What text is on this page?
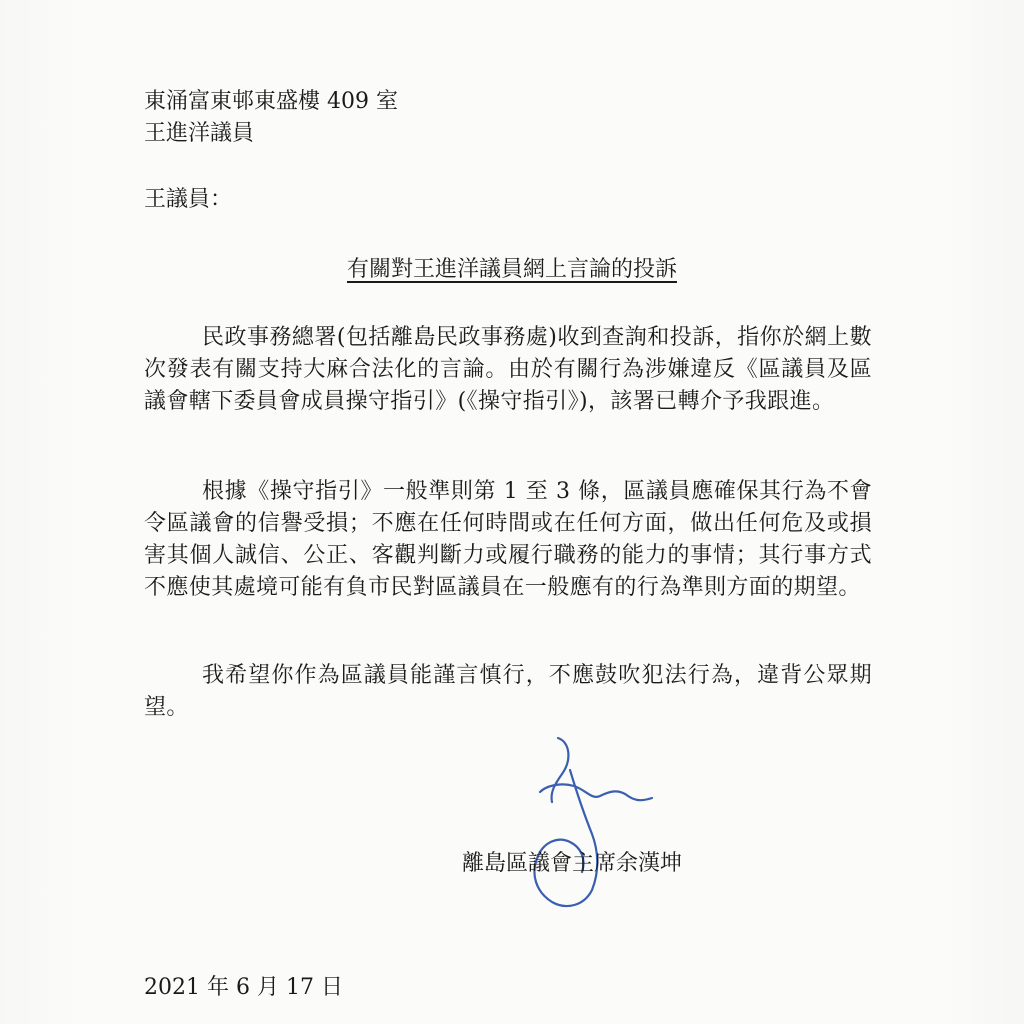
東涌富東邨東盛樓 409 室
王進洋議員
王議員：
有關對王進洋議員網上言論的投訴
民政事務總署(包括離島民政事務處)收到查詢和投訴，指你於網上數次發表有關支持大麻合法化的言論。由於有關行為涉嫌違反《區議員及區議會轄下委員會成員操守指引》(《操守指引》)，該署已轉介予我跟進。
根據《操守指引》一般準則第 1 至 3 條，區議員應確保其行為不會令區議會的信譽受損；不應在任何時間或在任何方面，做出任何危及或損害其個人誠信、公正、客觀判斷力或履行職務的能力的事情；其行事方式不應使其處境可能有負市民對區議員在一般應有的行為準則方面的期望。
我希望你作為區議員能謹言慎行，不應鼓吹犯法行為，違背公眾期望。
離島區議會主席余漢坤
2021 年 6 月 17 日
